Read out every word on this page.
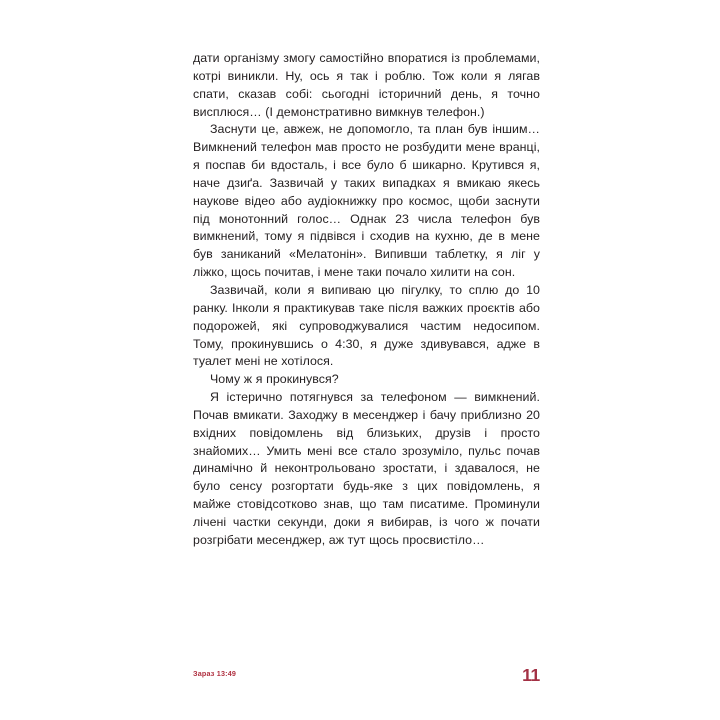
дати організму змогу самостійно впоратися із проблемами, котрі виникли. Ну, ось я так і роблю. Тож коли я лягав спати, сказав собі: сьогодні історичний день, я точно висплюся… (І демонстративно вимкнув телефон.)

Заснути це, авжеж, не допомогло, та план був іншим… Вимкнений телефон мав просто не розбудити мене вранці, я поспав би вдосталь, і все було б шикарно. Крутився я, наче дзиґа. Зазвичай у таких випадках я вмикаю якесь наукове відео або аудіокнижку про космос, щоби заснути під монотонний голос… Однак 23 числа телефон був вимкнений, тому я підвівся і сходив на кухню, де в мене був заниканий «Мелатонін». Випивши таблетку, я ліг у ліжко, щось почитав, і мене таки почало хилити на сон.

Зазвичай, коли я випиваю цю пігулку, то сплю до 10 ранку. Інколи я практикував таке після важких проєктів або подорожей, які супроводжувалися частим недосипом. Тому, прокинувшись о 4:30, я дуже здивувався, адже в туалет мені не хотілося.

Чому ж я прокинувся?

Я істерично потягнувся за телефоном — вимкнений. Почав вмикати. Заходжу в месенджер і бачу приблизно 20 вхідних повідомлень від близьких, друзів і просто знайомих… Умить мені все стало зрозуміло, пульс почав динамічно й неконтрольовано зростати, і здавалося, не було сенсу розгортати будь-яке з цих повідомлень, я майже стовідсотково знав, що там писатиме. Проминули лічені частки секунди, доки я вибирав, із чого ж почати розгрібати месенджер, аж тут щось просвистіло…

Зараз 13:49	11
